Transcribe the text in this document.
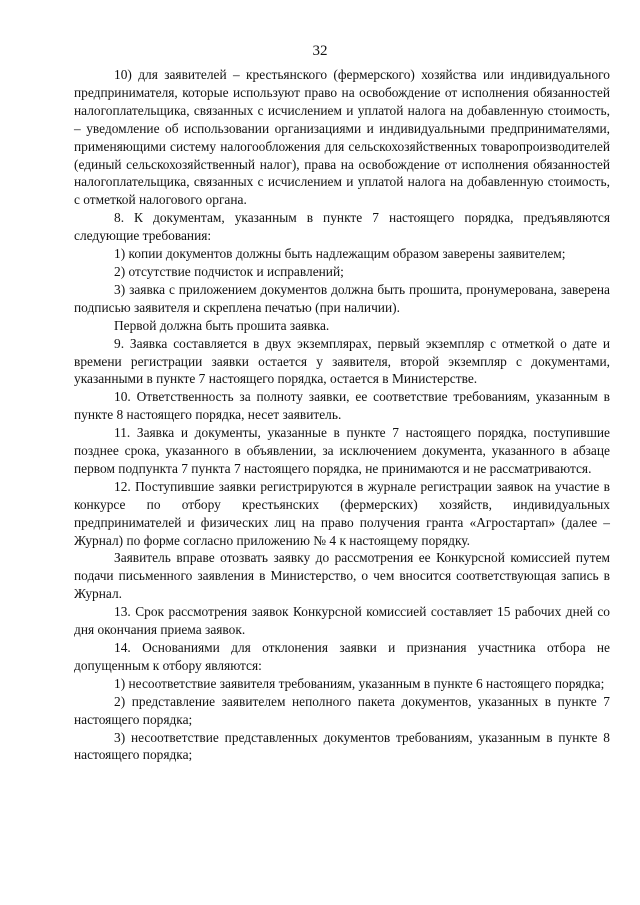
32

10) для заявителей – крестьянского (фермерского) хозяйства или индивидуального предпринимателя, которые используют право на освобождение от исполнения обязанностей налогоплательщика, связанных с исчислением и уплатой налога на добавленную стоимость, – уведомление об использовании организациями и индивидуальными предпринимателями, применяющими систему налогообложения для сельскохозяйственных товаропроизводителей (единый сельскохозяйственный налог), права на освобождение от исполнения обязанностей налогоплательщика, связанных с исчислением и уплатой налога на добавленную стоимость, с отметкой налогового органа.

8. К документам, указанным в пункте 7 настоящего порядка, предъявляются следующие требования:

1) копии документов должны быть надлежащим образом заверены заявителем;

2) отсутствие подчисток и исправлений;

3) заявка с приложением документов должна быть прошита, пронумерована, заверена подписью заявителя и скреплена печатью (при наличии).

Первой должна быть прошита заявка.

9. Заявка составляется в двух экземплярах, первый экземпляр с отметкой о дате и времени регистрации заявки остается у заявителя, второй экземпляр с документами, указанными в пункте 7 настоящего порядка, остается в Министерстве.

10. Ответственность за полноту заявки, ее соответствие требованиям, указанным в пункте 8 настоящего порядка, несет заявитель.

11. Заявка и документы, указанные в пункте 7 настоящего порядка, поступившие позднее срока, указанного в объявлении, за исключением документа, указанного в абзаце первом подпункта 7 пункта 7 настоящего порядка, не принимаются и не рассматриваются.

12. Поступившие заявки регистрируются в журнале регистрации заявок на участие в конкурсе по отбору крестьянских (фермерских) хозяйств, индивидуальных предпринимателей и физических лиц на право получения гранта «Агростартап» (далее – Журнал) по форме согласно приложению № 4 к настоящему порядку.

Заявитель вправе отозвать заявку до рассмотрения ее Конкурсной комиссией путем подачи письменного заявления в Министерство, о чем вносится соответствующая запись в Журнал.

13. Срок рассмотрения заявок Конкурсной комиссией составляет 15 рабочих дней со дня окончания приема заявок.

14. Основаниями для отклонения заявки и признания участника отбора не допущенным к отбору являются:

1) несоответствие заявителя требованиям, указанным в пункте 6 настоящего порядка;

2) представление заявителем неполного пакета документов, указанных в пункте 7 настоящего порядка;

3) несоответствие представленных документов требованиям, указанным в пункте 8 настоящего порядка;
